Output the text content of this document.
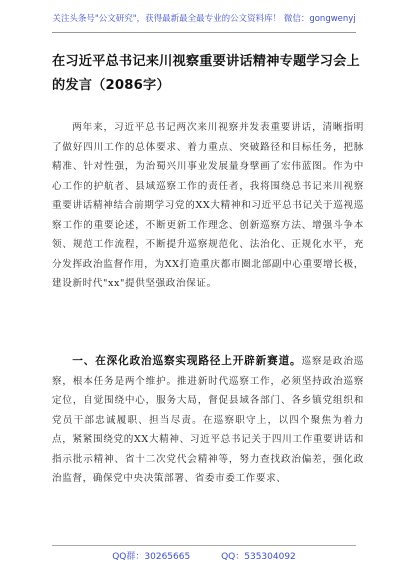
关注头条号"公文研究"，获得最新最全最专业的公文资料库！ 微信：gongwenyj
在习近平总书记来川视察重要讲话精神专题学习会上的发言（2086字）
两年来，习近平总书记两次来川视察并发表重要讲话，清晰指明了做好四川工作的总体要求、着力重点、突破路径和目标任务，把脉精准、针对性强，为治蜀兴川事业发展量身擘画了宏伟蓝图。作为中心工作的护航者、县域巡察工作的责任者，我将围绕总书记来川视察重要讲话精神结合前期学习党的XX大精神和习近平总书记关于巡视巡察工作的重要论述，不断更新工作理念、创新巡察方法、增强斗争本领、规范工作流程，不断提升巡察规范化、法治化、正规化水平，充分发挥政治监督作用，为XX打造重庆都市圈北部副中心重要增长极，建设新时代"xx"提供坚强政治保证。
一、在深化政治巡察实现路径上开辟新赛道。巡察是政治巡察，根本任务是两个维护。推进新时代巡察工作，必须坚持政治巡察定位，自觉围绕中心，服务大局，督促县域各部门、各乡镇党组织和党员干部忠诚履职、担当尽责。在巡察职守上，以四个聚焦为着力点，紧紧围绕党的XX大精神、习近平总书记关于四川工作重要讲话和指示批示精神、省十二次党代会精神等，努力查找政治偏差，强化政治监督，确保党中央决策部署、省委市委工作要求、
QQ群：30265665	QQ：535304092
